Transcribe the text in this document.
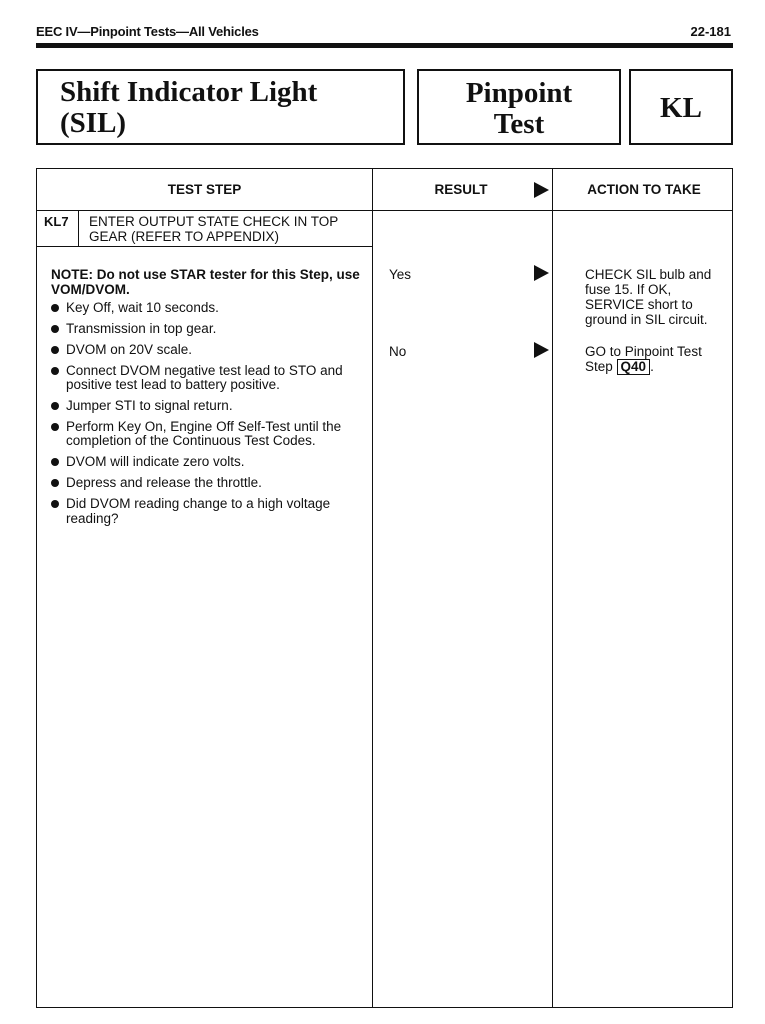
EEC IV—Pinpoint Tests—All Vehicles	22-181
Shift Indicator Light
(SIL)
Pinpoint
Test	KL
TEST STEP	RESULT	ACTION TO TAKE
KL7	ENTER OUTPUT STATE CHECK IN TOP GEAR (REFER TO APPENDIX)
NOTE: Do not use STAR tester for this Step, use VOM/DVOM.
Key Off, wait 10 seconds.
Transmission in top gear.
DVOM on 20V scale.
Connect DVOM negative test lead to STO and positive test lead to battery positive.
Jumper STI to signal return.
Perform Key On, Engine Off Self-Test until the completion of the Continuous Test Codes.
DVOM will indicate zero volts.
Depress and release the throttle.
Did DVOM reading change to a high voltage reading?
Yes	CHECK SIL bulb and fuse 15. If OK, SERVICE short to ground in SIL circuit.
No	GO to Pinpoint Test Step Q40 .
